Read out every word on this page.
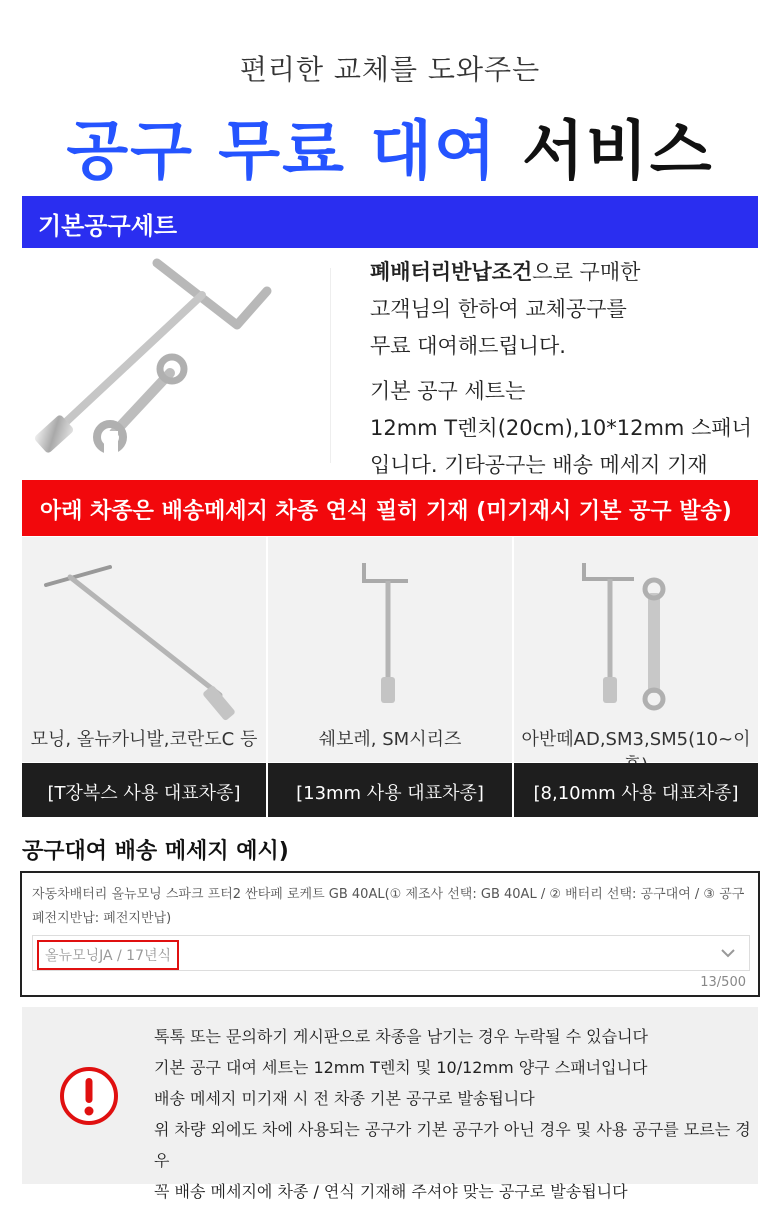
편리한 교체를 도와주는
공구 무료 대여 서비스
기본공구세트
폐배터리반납조건으로 구매한
고객님의 한하여 교체공구를
무료 대여해드립니다.
기본 공구 세트는
12mm T렌치(20cm),10*12mm 스패너
입니다. 기타공구는 배송 메세지 기재
아래 차종은 배송메세지 차종 연식 필히 기재 (미기재시 기본 공구 발송)
모닝, 올뉴카니발,코란도C 등	쉐보레, SM시리즈	아반떼AD,SM3,SM5(10~이
[T장복스 사용 대표차종]	[13mm 사용 대표차종]	[8,10mm 사용 대표차종]
공구대여 배송 메세지 예시)
자동차배터리 올뉴모닝 스파크 프터2 싼타페 로케트 GB 40AL(① 제조사 선택: GB 40AL / ② 배터리 선택: 공구대여 / ③ 공구 폐전지반납: 폐전지반납)
올뉴모닝JA / 17년식
13/500
톡톡 또는 문의하기 게시판으로 차종을 남기는 경우 누락될 수 있습니다
기본 공구 대여 세트는 12mm T렌치 및 10/12mm 양구 스패너입니다
배송 메세지 미기재 시 전 차종 기본 공구로 발송됩니다
위 차량 외에도 차에 사용되는 공구가 기본 공구가 아닌 경우 및 사용 공구를 모르는 경우
꼭 배송 메세지에 차종 / 연식 기재해 주셔야 맞는 공구로 발송됩니다
